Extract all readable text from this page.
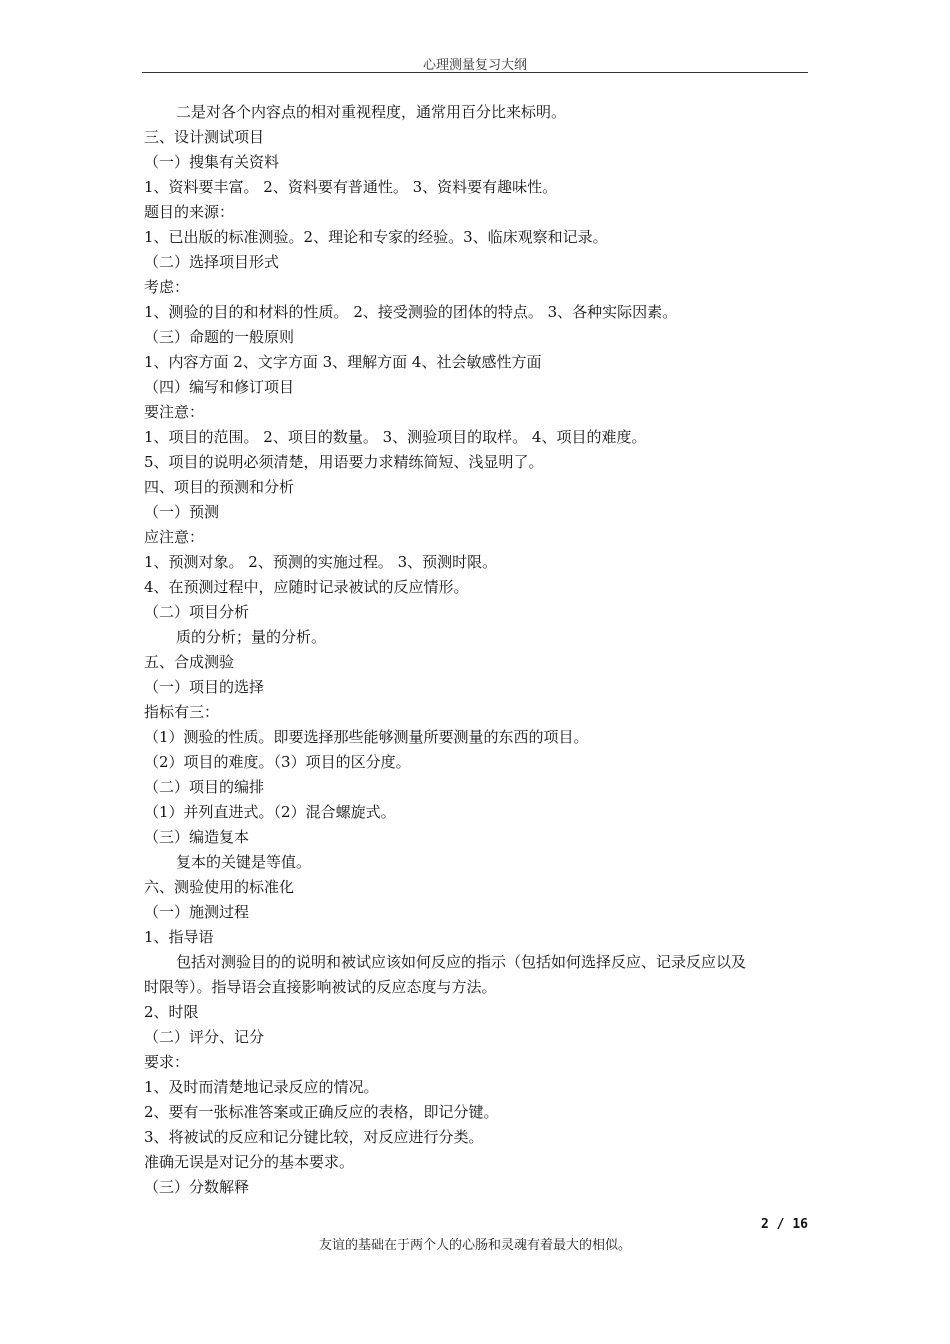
心理测量复习大纲
二是对各个内容点的相对重视程度，通常用百分比来标明。
三、设计测试项目
（一）搜集有关资料
1、资料要丰富。 2、资料要有普通性。 3、资料要有趣味性。
题目的来源：
1、已出版的标准测验。2、理论和专家的经验。3、临床观察和记录。
（二）选择项目形式
考虑：
1、测验的目的和材料的性质。 2、接受测验的团体的特点。 3、各种实际因素。
（三）命题的一般原则
1、内容方面 2、文字方面 3、理解方面 4、社会敏感性方面
（四）编写和修订项目
要注意：
1、项目的范围。 2、项目的数量。 3、测验项目的取样。 4、项目的难度。
5、项目的说明必须清楚，用语要力求精练简短、浅显明了。
四、项目的预测和分析
（一）预测
应注意：
1、预测对象。 2、预测的实施过程。 3、预测时限。
4、在预测过程中，应随时记录被试的反应情形。
（二）项目分析
质的分析；量的分析。
五、合成测验
（一）项目的选择
指标有三：
（1）测验的性质。即要选择那些能够测量所要测量的东西的项目。
（2）项目的难度。（3）项目的区分度。
（二）项目的编排
（1）并列直进式。（2）混合螺旋式。
（三）编造复本
复本的关键是等值。
六、测验使用的标准化
（一）施测过程
1、指导语
包括对测验目的的说明和被试应该如何反应的指示（包括如何选择反应、记录反应以及
时限等）。指导语会直接影响被试的反应态度与方法。
2、时限
（二）评分、记分
要求：
1、及时而清楚地记录反应的情况。
2、要有一张标准答案或正确反应的表格，即记分键。
3、将被试的反应和记分键比较，对反应进行分类。
准确无误是对记分的基本要求。
（三）分数解释
2 / 16
友谊的基础在于两个人的心肠和灵魂有着最大的相似。
